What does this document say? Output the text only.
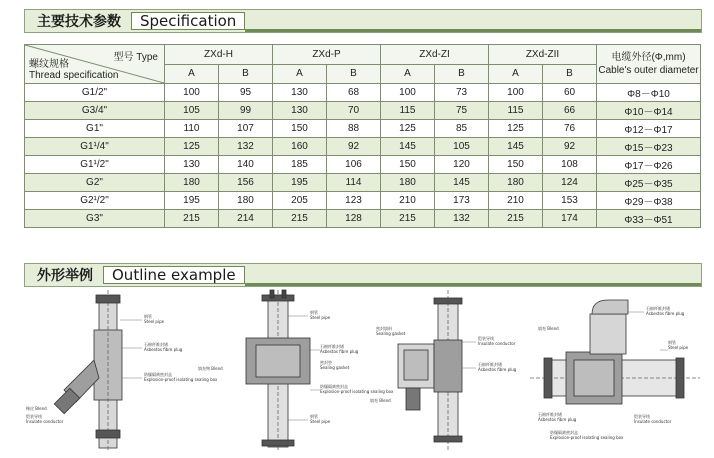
主要技术参数	Specification
型号 Type
螺纹规格
Thread specification	ZXd-H		ZXd-P		ZXd-ZI		ZXd-ZII		电缆外径(Φ,mm)
Cable's outer diameter
	A	B	A	B	A	B	A	B	
G1/2"	100	95	130	68	100	73	100	60	Φ8－Φ10
G3/4"	105	99	130	70	115	75	115	66	Φ10－Φ14
G1"	110	107	150	88	125	85	125	76	Φ12－Φ17
G1¹/4"	125	132	160	92	145	105	145	92	Φ15－Φ23
G1¹/2"	130	140	185	106	150	120	150	108	Φ17－Φ26
G2"	180	156	195	114	180	145	180	124	Φ25－Φ35
G2¹/2"	195	180	205	123	210	173	210	153	Φ29－Φ38
G3"	215	214	215	128	215	132	215	174	Φ33－Φ51
外形举例	Outline example
钢管
Steel pipe
石棉纤维封堵
Asbestos fibre plug
防爆隔离密封盒
Explosion-proof isolating sealing box
橡皮 Blend
铠装导线
Insulate conductor
钢管
Steel pipe
石棉纤维封堵
Asbestos fibre plug
密封垫
Sealing gasket
填充物 Blend
防爆隔离密封盒
Explosion-proof isolating sealing box
钢管
Steel pipe
密封填料
Sealing gasket
铠装导线
Insulate conductor
石棉纤维封堵
Asbestos fibre plug
填充 Blend
填充 Blend
石棉纤维封堵
Asbestos fibre plug
钢管
Steel pipe
铠装导线
Insulate conductor
石棉纤维封堵
Asbestos fibre plug
防爆隔离密封盒
Explosion-proof isolating sealing box
